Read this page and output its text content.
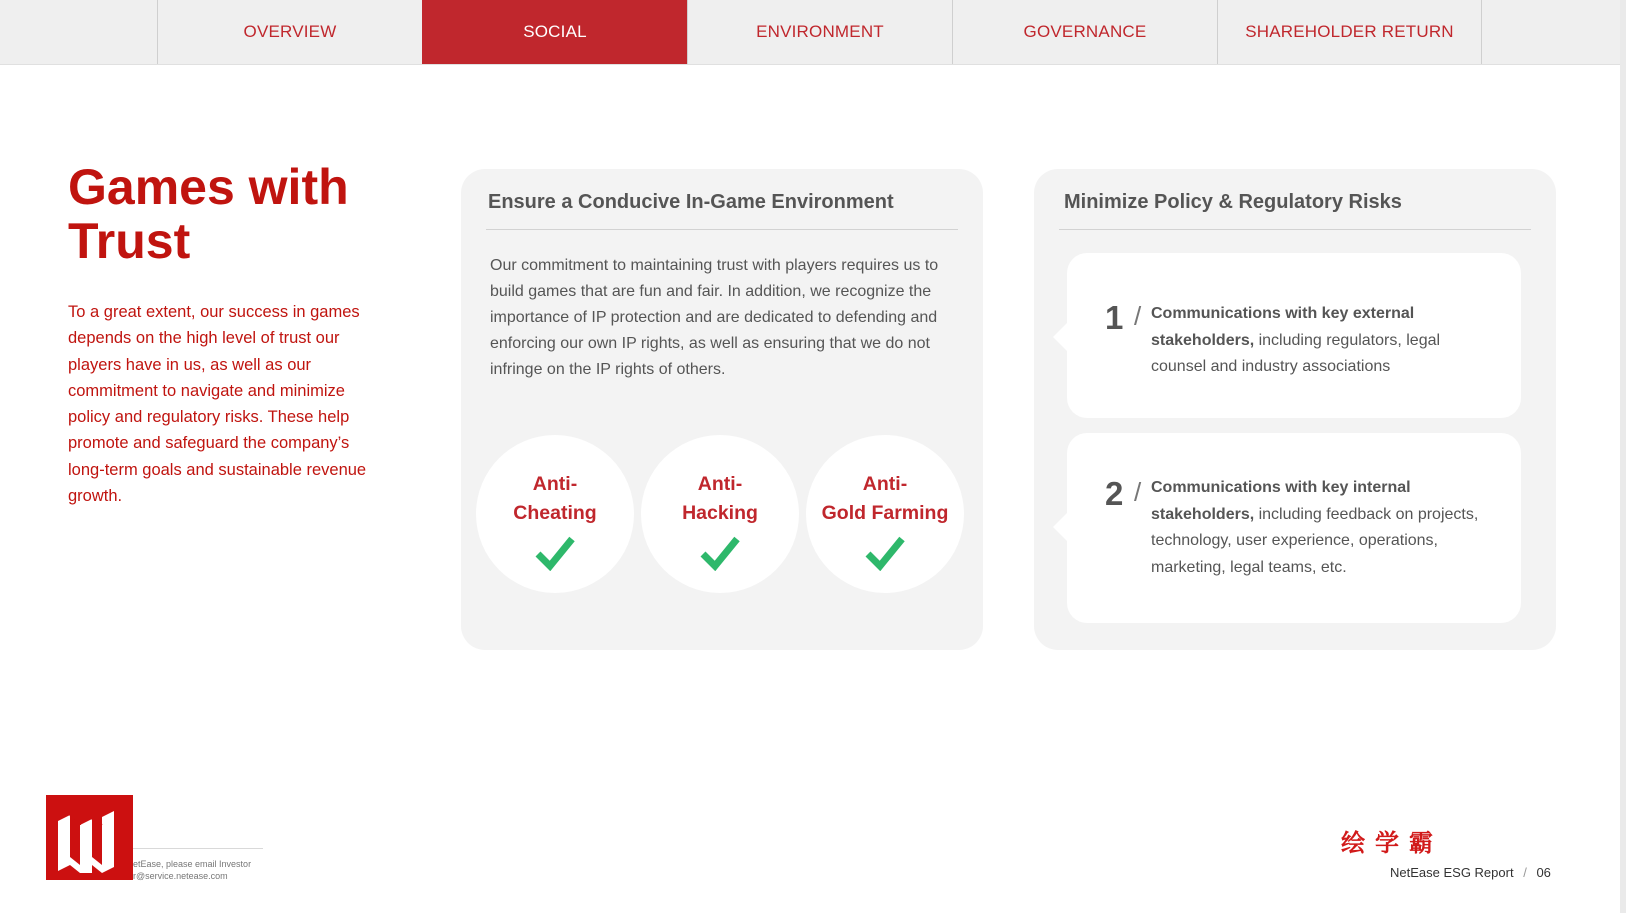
OVERVIEW	SOCIAL	ENVIRONMENT	GOVERNANCE	SHAREHOLDER RETURN
Games with Trust

To a great extent, our success in games depends on the high level of trust our players have in us, as well as our commitment to navigate and minimize policy and regulatory risks. These help promote and safeguard the company’s long-term goals and sustainable revenue growth.

Ensure a Conducive In-Game Environment

Our commitment to maintaining trust with players requires us to build games that are fun and fair. In addition, we recognize the importance of IP protection and are dedicated to defending and enforcing our own IP rights, as well as ensuring that we do not infringe on the IP rights of others.

Anti-
Cheating
Anti-
Hacking
Anti-
Gold Farming
Minimize Policy & Regulatory Risks
1 / Communications with key external stakeholders, including regulators, legal counsel and industry associations

2 / Communications with key internal stakeholders, including feedback on projects, technology, user experience, operations, marketing, legal teams, etc.

etEase, please email Investor
r@service.netease.com

绘学霸
NetEase ESG Report / 06
